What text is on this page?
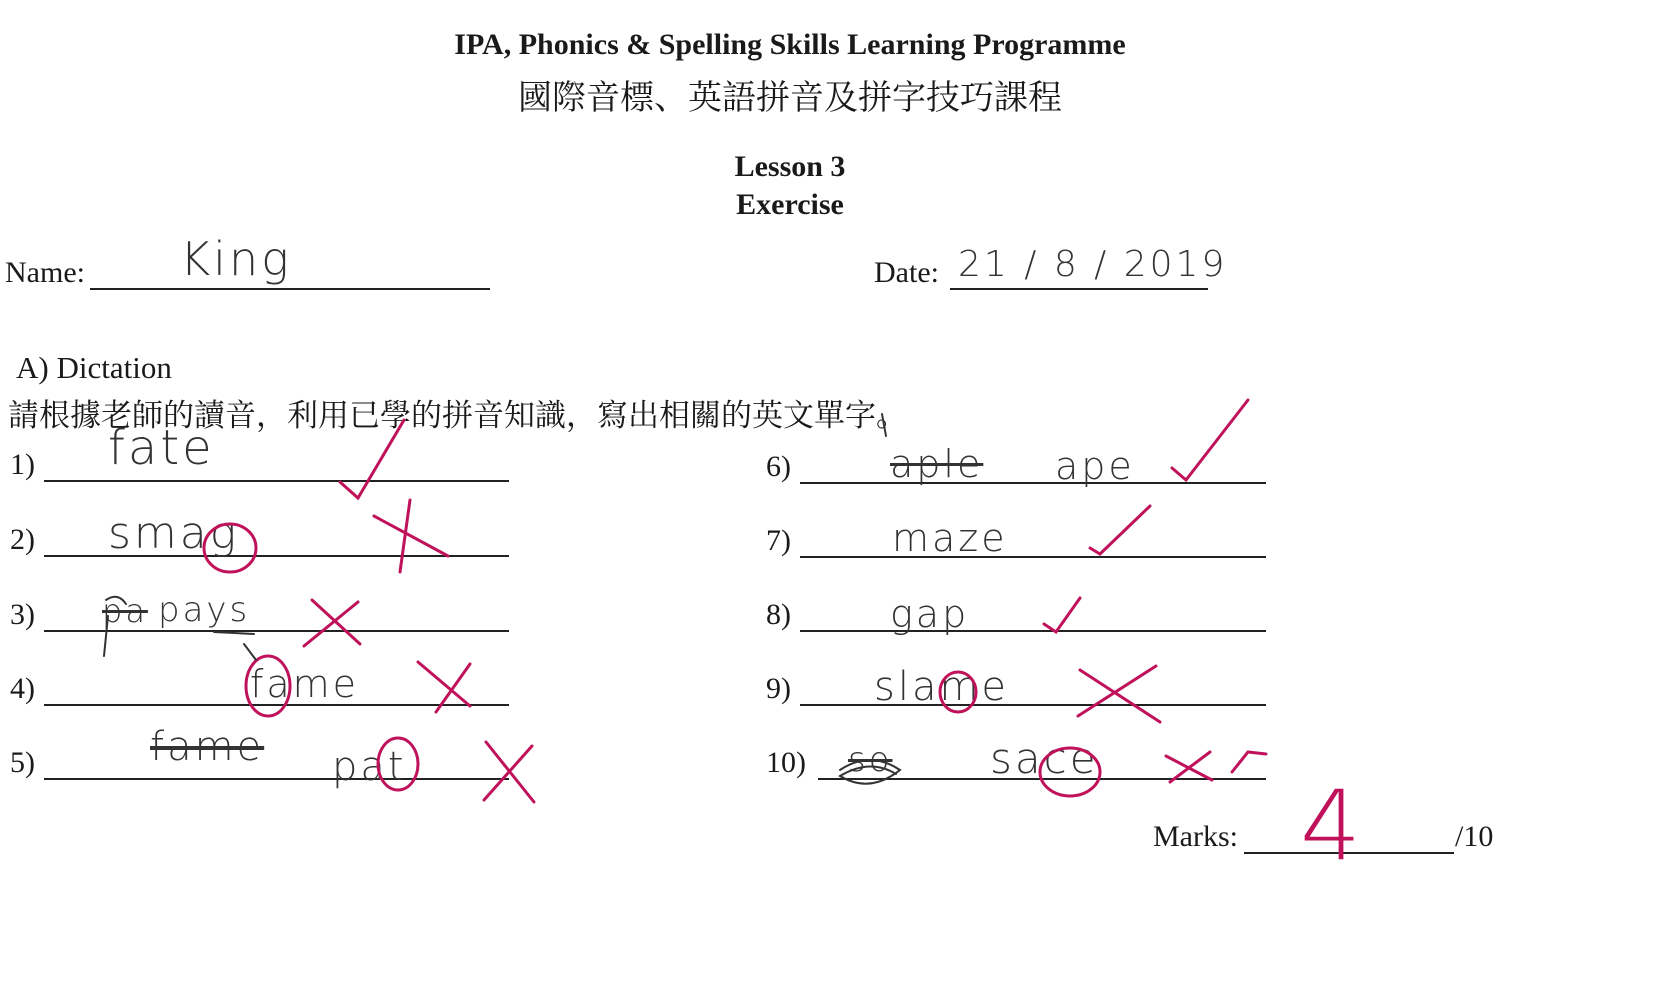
IPA, Phonics & Spelling Skills Learning Programme
國際音標、英語拼音及拼字技巧課程
Lesson 3
Exercise
Name: King	Date: 21 / 8 / 2019
A) Dictation
請根據老師的讀音，利用已學的拼音知識，寫出相關的英文單字。
1) fate
2) smag
3) pa pays
4)	fame
5)	fame pat
6)	aple ape
7)	maze
8)	gap
9) slame
10) so sace
Marks:	/10
4
